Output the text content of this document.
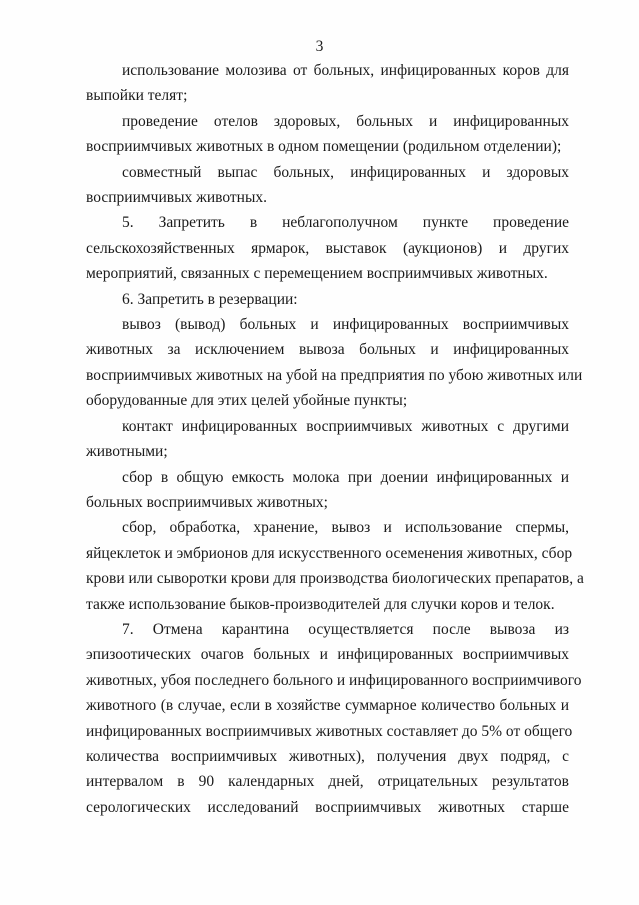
3
использование молозива от больных, инфицированных коров для
выпойки телят;
проведение отелов здоровых, больных и инфицированных
восприимчивых животных в одном помещении (родильном отделении);
совместный выпас больных, инфицированных и здоровых
восприимчивых животных.
5. Запретить в неблагополучном пункте проведение
сельскохозяйственных ярмарок, выставок (аукционов) и других
мероприятий, связанных с перемещением восприимчивых животных.
6. Запретить в резервации:
вывоз (вывод) больных и инфицированных восприимчивых
животных за исключением вывоза больных и инфицированных
восприимчивых животных на убой на предприятия по убою животных или
оборудованные для этих целей убойные пункты;
контакт инфицированных восприимчивых животных с другими
животными;
сбор в общую емкость молока при доении инфицированных и
больных восприимчивых животных;
сбор, обработка, хранение, вывоз и использование спермы,
яйцеклеток и эмбрионов для искусственного осеменения животных, сбор
крови или сыворотки крови для производства биологических препаратов, а
также использование быков-производителей для случки коров и телок.
7. Отмена карантина осуществляется после вывоза из
эпизоотических очагов больных и инфицированных восприимчивых
животных, убоя последнего больного и инфицированного восприимчивого
животного (в случае, если в хозяйстве суммарное количество больных и
инфицированных восприимчивых животных составляет до 5% от общего
количества восприимчивых животных), получения двух подряд, с
интервалом в 90 календарных дней, отрицательных результатов
серологических исследований восприимчивых животных старше
